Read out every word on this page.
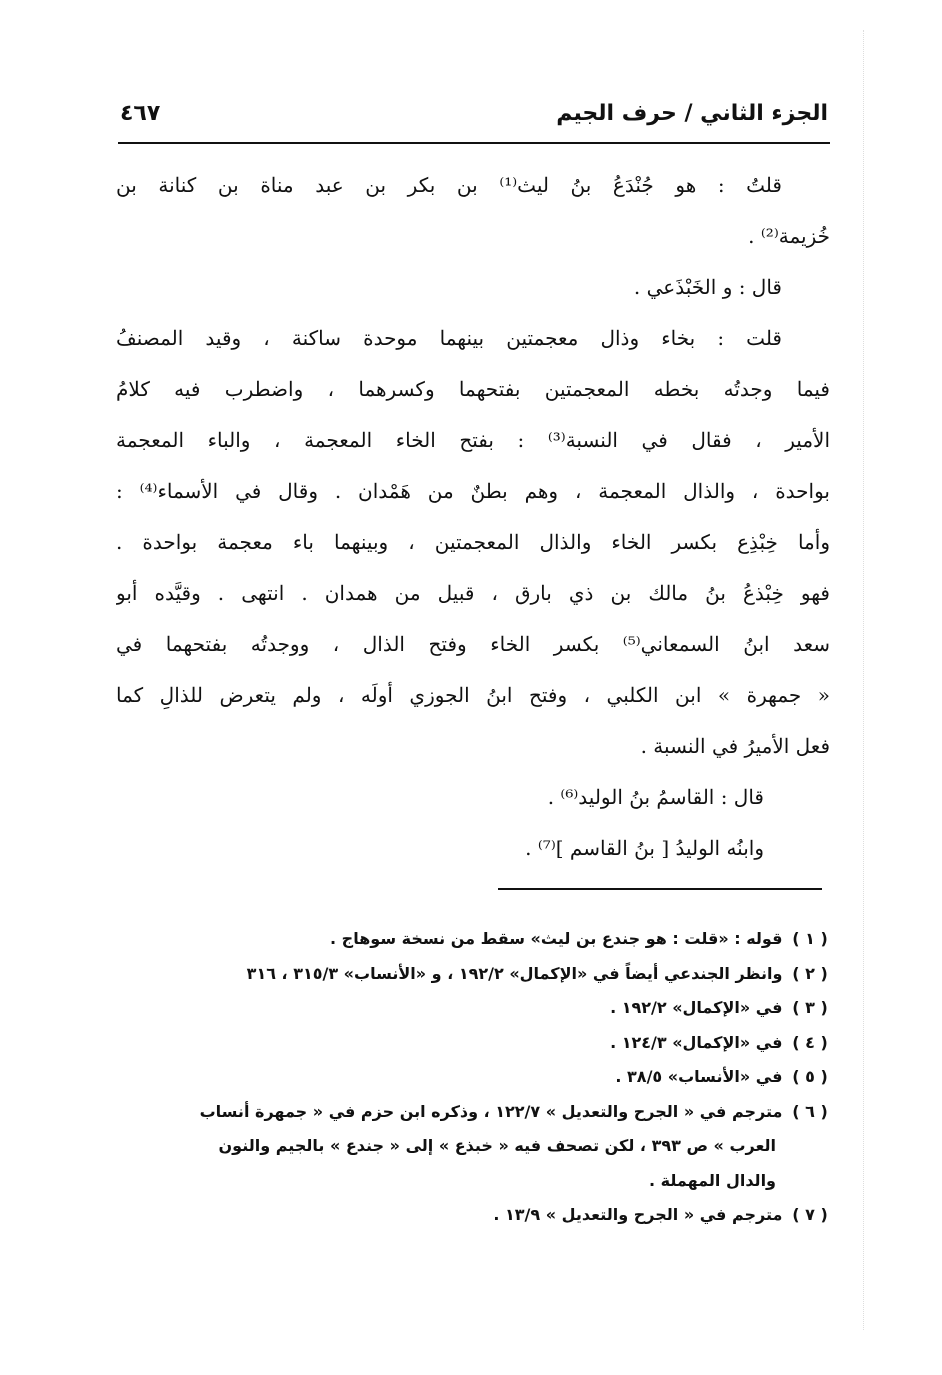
الجزء الثاني / حرف الجيم
٤٦٧
قلتُ : هو جُنْدَعُ بنُ ليث⁽¹⁾ بن بكر بن عبد مناة بن كنانة بن
خُزيمة⁽²⁾ .
قال : و الخَبْذَعي .
قلت : بخاء وذال معجمتين بينهما موحدة ساكنة ، وقيد المصنفُ
فيما وجدتُه بخطه المعجمتين بفتحهما وكسرهما ، واضطرب فيه كلامُ
الأمير ، فقال في النسبة⁽³⁾ : بفتح الخاء المعجمة ، والباء المعجمة
بواحدة ، والذال المعجمة ، وهم بطنٌ من هَمْدان . وقال في الأسماء⁽⁴⁾ :
وأما خِبْذِع بكسر الخاء والذال المعجمتين ، وبينهما باء معجمة بواحدة .
فهو خِبْذعُ بنُ مالك بن ذي بارق ، قبيل من همدان . انتهى . وقيَّده أبو
سعد ابنُ السمعاني⁽⁵⁾ بكسر الخاء وفتح الذال ، ووجدتُه بفتحهما في
« جمهرة » ابن الكلبي ، وفتح ابنُ الجوزي أولَه ، ولم يتعرض للذالِ كما
فعل الأميرُ في النسبة .
قال : القاسمُ بنُ الوليد⁽⁶⁾ .
وابنُه الوليدُ [ بنُ القاسم ]⁽⁷⁾ .
( ١ ) قوله : «قلت : هو جندع بن ليث» سقط من نسخة سوهاج .
( ٢ ) وانظر الجندعي أيضاً في «الإكمال» ١٩٢/٢ ، و «الأنساب» ٣١٥/٣ ، ٣١٦
( ٣ ) في «الإكمال» ١٩٢/٢ .
( ٤ ) في «الإكمال» ١٢٤/٣ .
( ٥ ) في «الأنساب» ٣٨/٥ .
( ٦ ) مترجم في « الجرح والتعديل » ١٢٢/٧ ، وذكره ابن حزم في « جمهرة أنساب
العرب » ص ٣٩٣ ، لكن تصحف فيه « خبذع » إلى « جندع » بالجيم والنون
والدال المهملة .
( ٧ ) مترجم في « الجرح والتعديل » ١٣/٩ .
